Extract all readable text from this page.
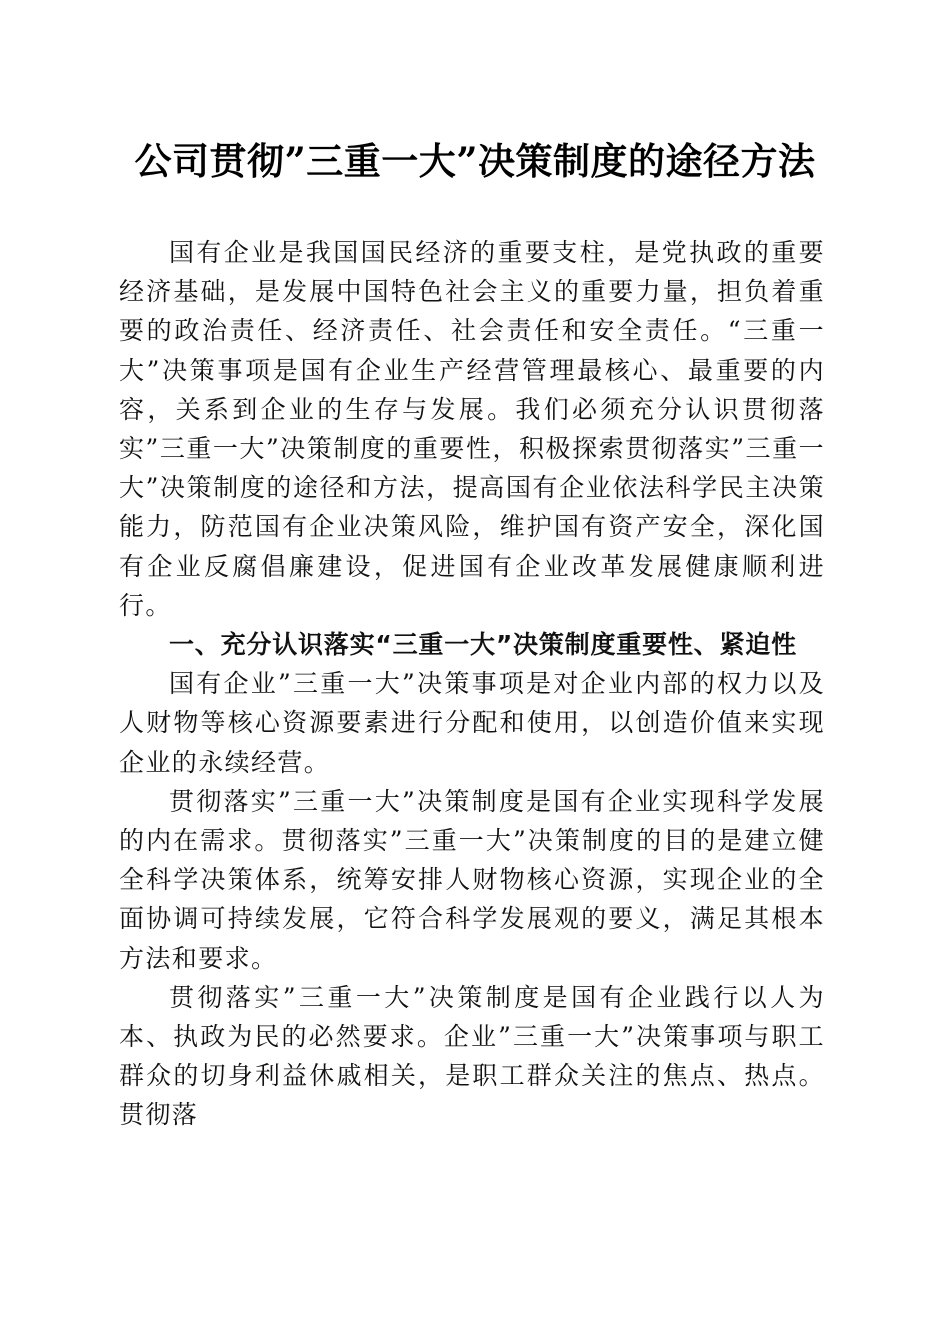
公司贯彻”三重一大”决策制度的途径方法

国有企业是我国国民经济的重要支柱，是党执政的重要经济基础，是发展中国特色社会主义的重要力量，担负着重要的政治责任、经济责任、社会责任和安全责任。“三重一大”决策事项是国有企业生产经营管理最核心、最重要的内容，关系到企业的生存与发展。我们必须充分认识贯彻落实”三重一大”决策制度的重要性，积极探索贯彻落实”三重一大”决策制度的途径和方法，提高国有企业依法科学民主决策能力，防范国有企业决策风险，维护国有资产安全，深化国有企业反腐倡廉建设，促进国有企业改革发展健康顺利进行。

一、充分认识落实“三重一大”决策制度重要性、紧迫性

国有企业”三重一大”决策事项是对企业内部的权力以及人财物等核心资源要素进行分配和使用，以创造价值来实现企业的永续经营。

贯彻落实”三重一大”决策制度是国有企业实现科学发展的内在需求。贯彻落实”三重一大”决策制度的目的是建立健全科学决策体系，统筹安排人财物核心资源，实现企业的全面协调可持续发展，它符合科学发展观的要义，满足其根本方法和要求。

贯彻落实”三重一大”决策制度是国有企业践行以人为本、执政为民的必然要求。企业”三重一大”决策事项与职工群众的切身利益休戚相关，是职工群众关注的焦点、热点。贯彻落
